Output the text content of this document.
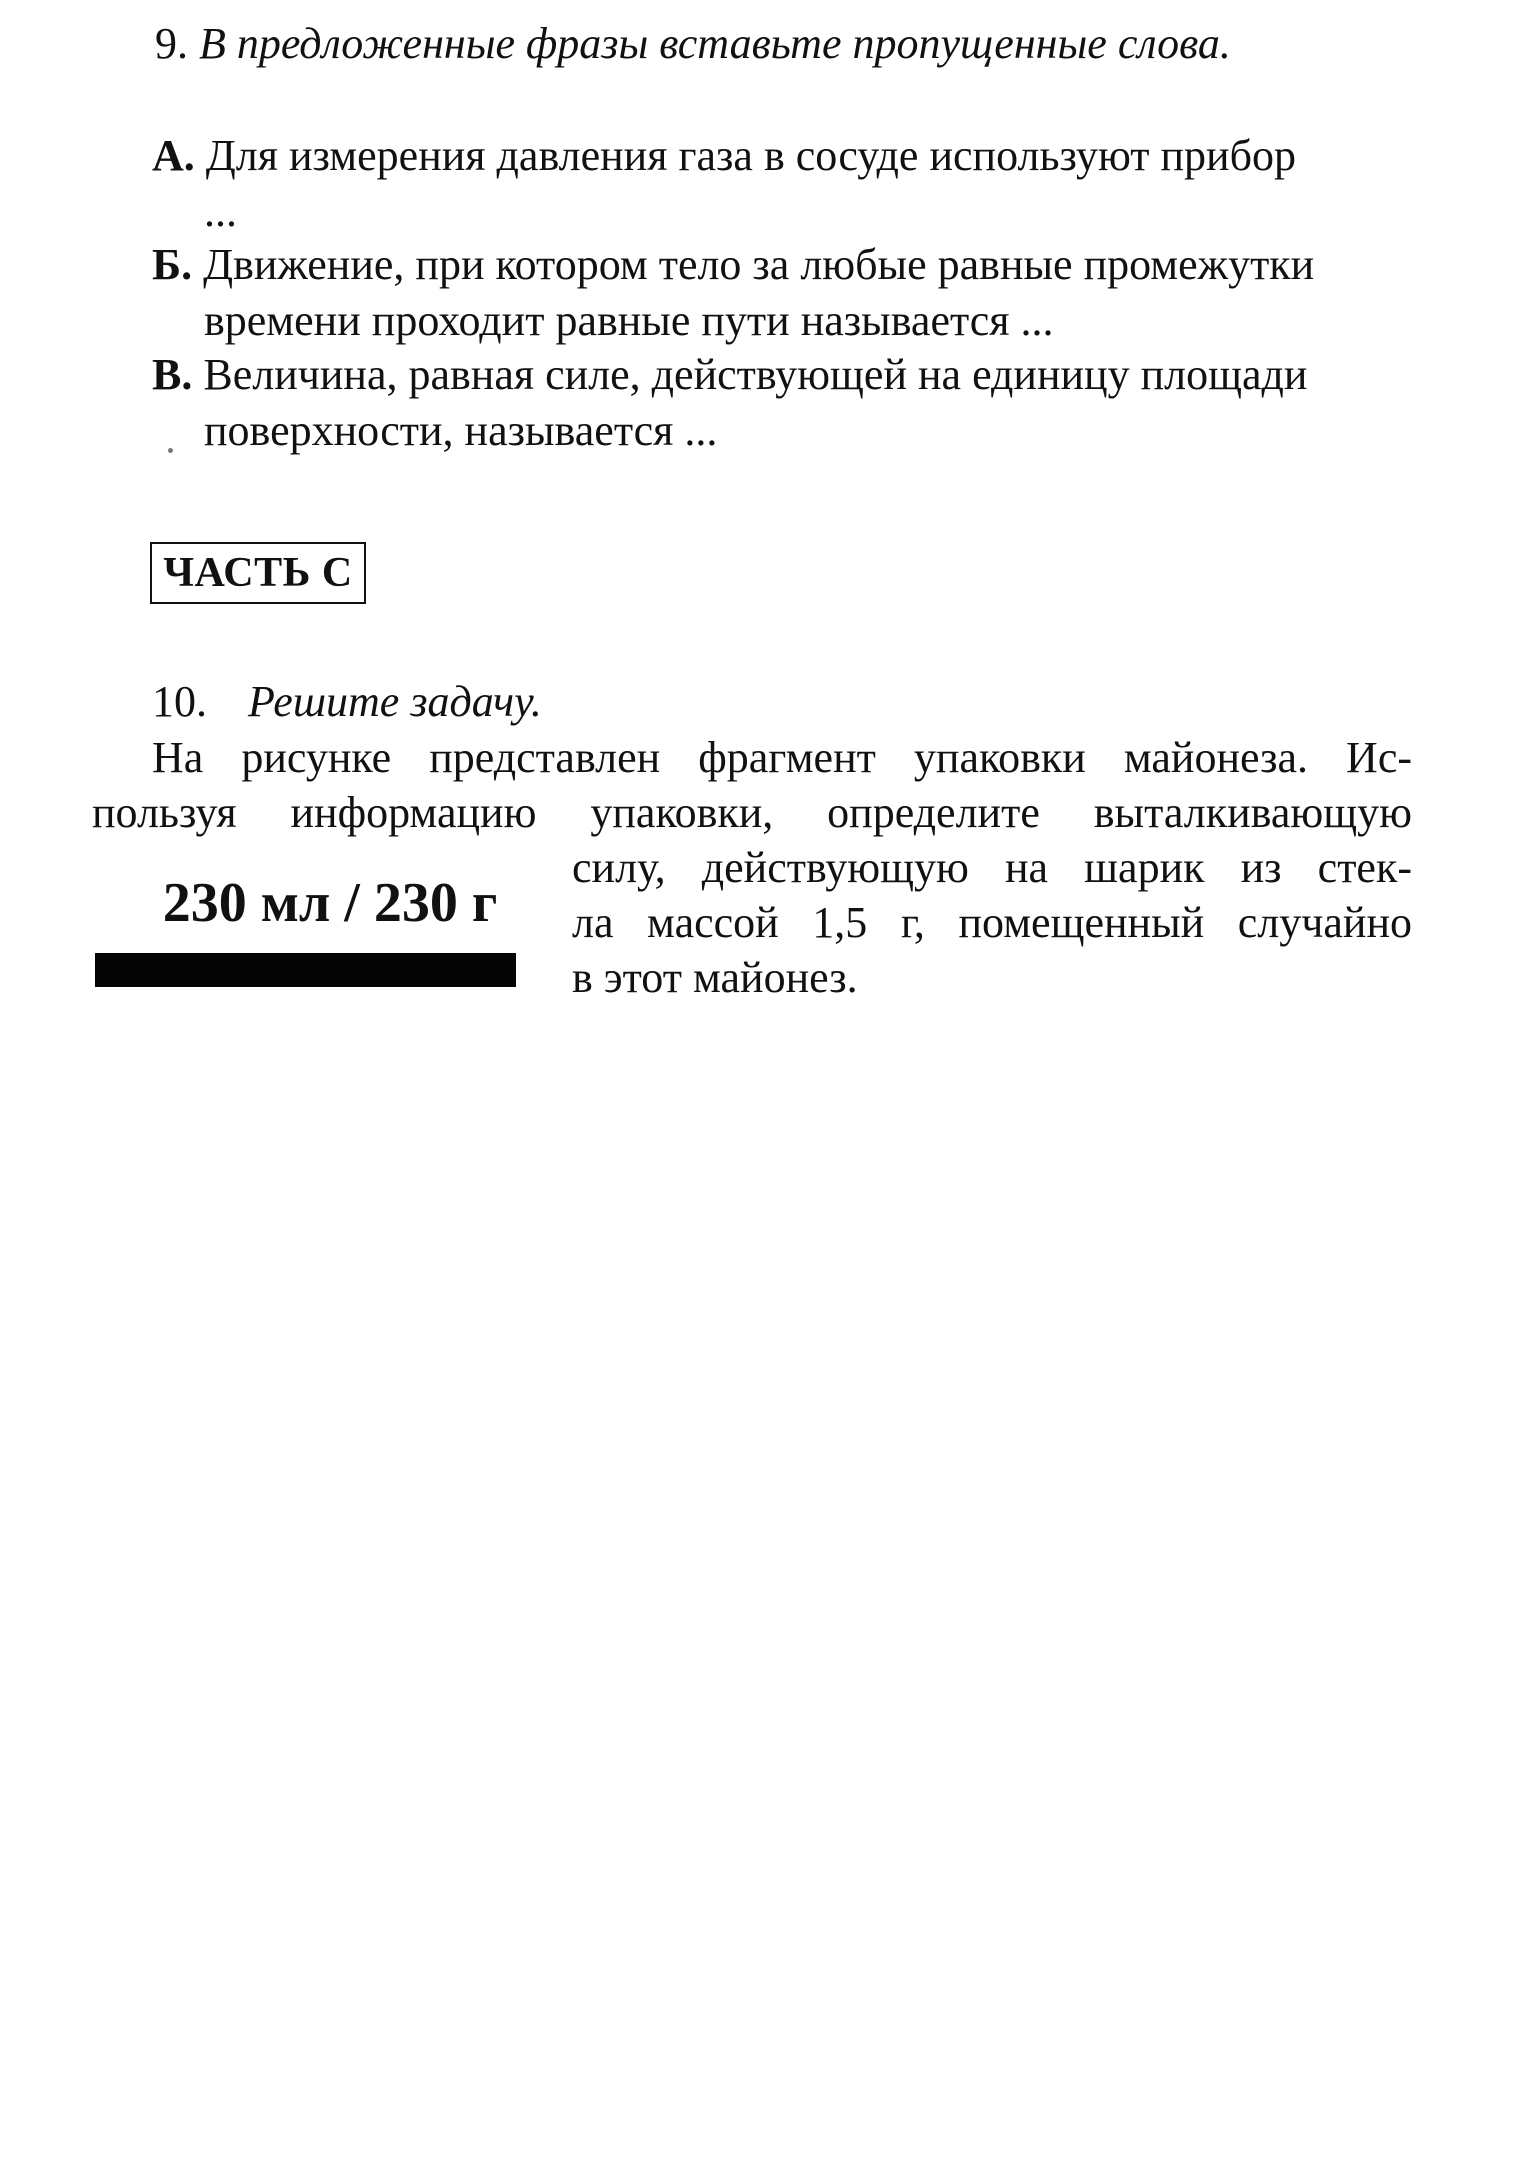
9. В предложенные фразы вставьте пропущенные слова.
А. Для измерения давления газа в сосуде используют прибор
...
Б. Движение, при котором тело за любые равные промежутки
времени проходит равные пути называется ...
В. Величина, равная силе, действующей на единицу площади
поверхности, называется ...
ЧАСТЬ С
10. Решите задачу.
На рисунке представлен фрагмент упаковки майонеза. Ис-
пользуя информацию упаковки, определите выталкивающую
силу, действующую на шарик из стек-
ла массой 1,5 г, помещенный случайно
в этот майонез.
230 мл / 230 г
